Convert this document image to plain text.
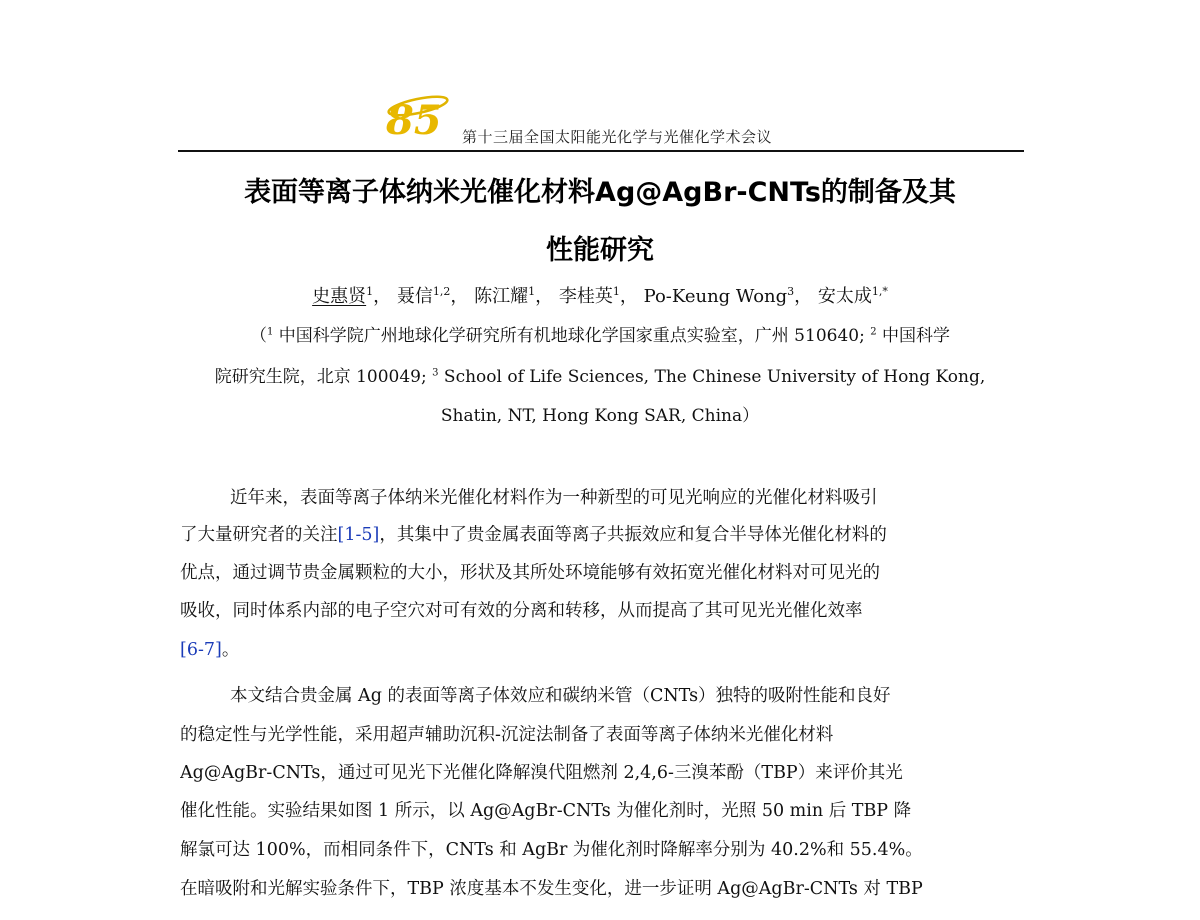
85 第十三届全国太阳能光化学与光催化学术会议
表面等离子体纳米光催化材料Ag@AgBr-CNTs的制备及其
性能研究
史惠贤$^1$， 聂信$^{1,2}$， 陈江耀$^1$， 李桂英$^1$， Po-Keung Wong$^3$， 安太成$^{1,*}$
（$^1$ 中国科学院广州地球化学研究所有机地球化学国家重点实验室，广州 510640; $^2$ 中国科学
院研究生院，北京 100049; $^3$ School of Life Sciences, The Chinese University of Hong Kong,
Shatin, NT, Hong Kong SAR, China）
近年来，表面等离子体纳米光催化材料作为一种新型的可见光响应的光催化材料吸引
了大量研究者的关注[1-5]，其集中了贵金属表面等离子共振效应和复合半导体光催化材料的
优点，通过调节贵金属颗粒的大小，形状及其所处环境能够有效拓宽光催化材料对可见光的
吸收，同时体系内部的电子空穴对可有效的分离和转移，从而提高了其可见光光催化效率
[6-7]。
本文结合贵金属 Ag 的表面等离子体效应和碳纳米管（CNTs）独特的吸附性能和良好
的稳定性与光学性能，采用超声辅助沉积-沉淀法制备了表面等离子体纳米光催化材料
Ag@AgBr-CNTs，通过可见光下光催化降解溴代阻燃剂 2,4,6-三溴苯酚（TBP）来评价其光
催化性能。实验结果如图 1 所示，以 Ag@AgBr-CNTs 为催化剂时，光照 50 min 后 TBP 降
解氯可达 100%，而相同条件下，CNTs 和 AgBr 为催化剂时降解率分别为 40.2%和 55.4%。
在暗吸附和光解实验条件下，TBP 浓度基本不发生变化，进一步证明 Ag@AgBr-CNTs 对 TBP
